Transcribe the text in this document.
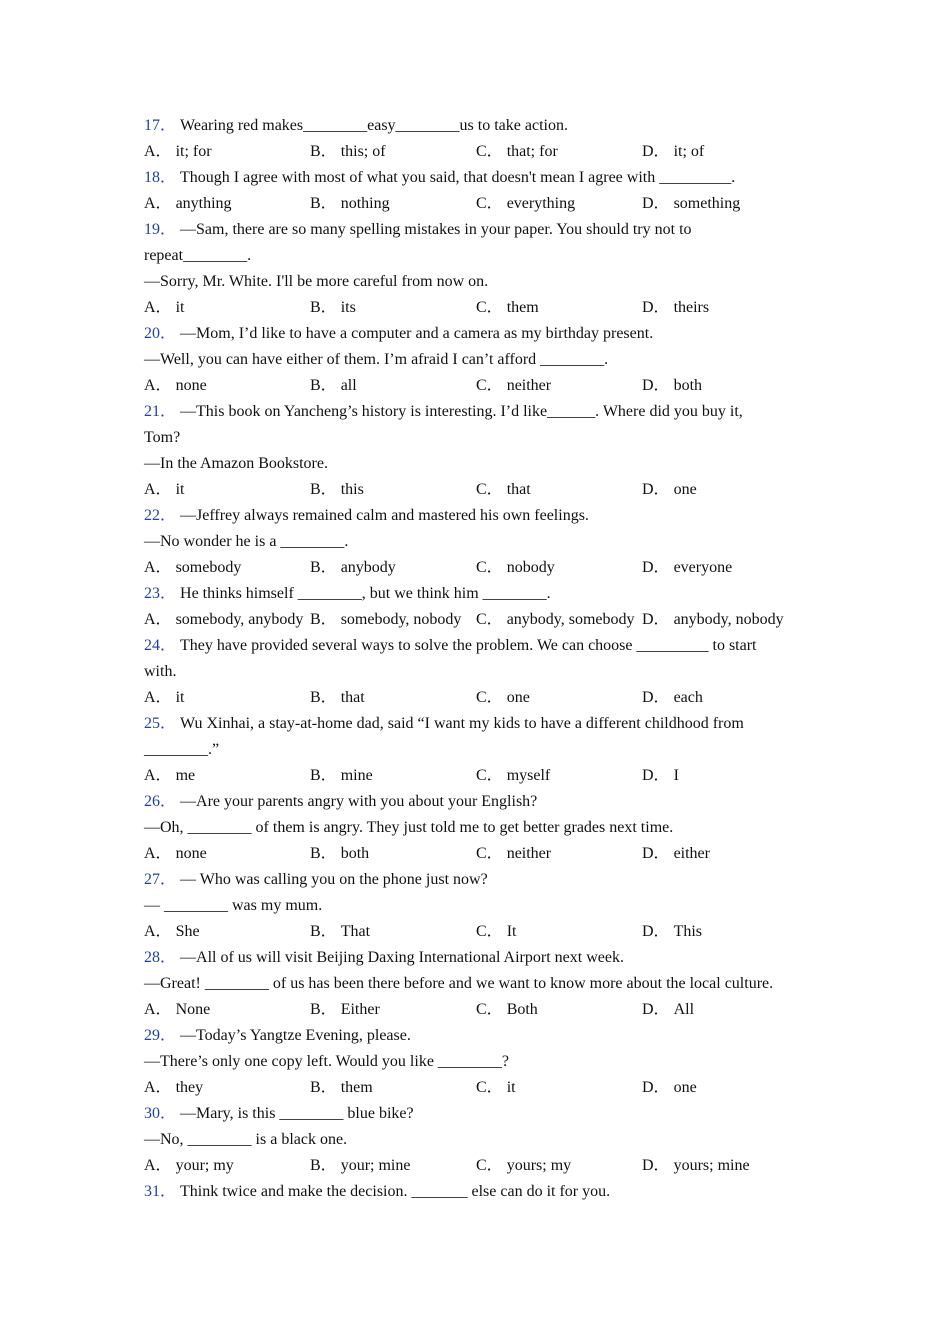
17． Wearing red makes________easy________us to take action.
A． it; for	B． this; of	C． that; for	D． it; of
18． Though I agree with most of what you said, that doesn't mean I agree with _________.
A． anything	B． nothing	C． everything	D． something
19． —Sam, there are so many spelling mistakes in your paper. You should try not to
repeat________.
—Sorry, Mr. White. I'll be more careful from now on.
A． it	B． its	C． them	D． theirs
20． —Mom, I’d like to have a computer and a camera as my birthday present.
—Well, you can have either of them. I’m afraid I can’t afford ________.
A． none	B． all	C． neither	D． both
21． —This book on Yancheng’s history is interesting. I’d like______. Where did you buy it,
Tom?
—In the Amazon Bookstore.
A． it	B． this	C． that	D． one
22． —Jeffrey always remained calm and mastered his own feelings.
—No wonder he is a ________.
A． somebody	B． anybody	C． nobody	D． everyone
23． He thinks himself ________, but we think him ________.
A． somebody, anybody B． somebody, nobody C． anybody, somebody D． anybody, nobody
24． They have provided several ways to solve the problem. We can choose _________ to start
with.
A． it	B． that	C． one	D． each
25． Wu Xinhai, a stay-at-home dad, said “I want my kids to have a different childhood from
________.”
A． me	B． mine	C． myself	D． I
26． —Are your parents angry with you about your English?
—Oh, ________ of them is angry. They just told me to get better grades next time.
A． none	B． both	C． neither	D． either
27． — Who was calling you on the phone just now?
— ________ was my mum.
A． She	B． That	C． It	D． This
28． —All of us will visit Beijing Daxing International Airport next week.
—Great! ________ of us has been there before and we want to know more about the local culture.
A． None	B． Either	C． Both	D． All
29． —Today’s Yangtze Evening, please.
—There’s only one copy left. Would you like ________?
A． they	B． them	C． it	D． one
30． —Mary, is this ________ blue bike?
—No, ________ is a black one.
A． your; my	B． your; mine	C． yours; my	D． yours; mine
31． Think twice and make the decision. _______ else can do it for you.
